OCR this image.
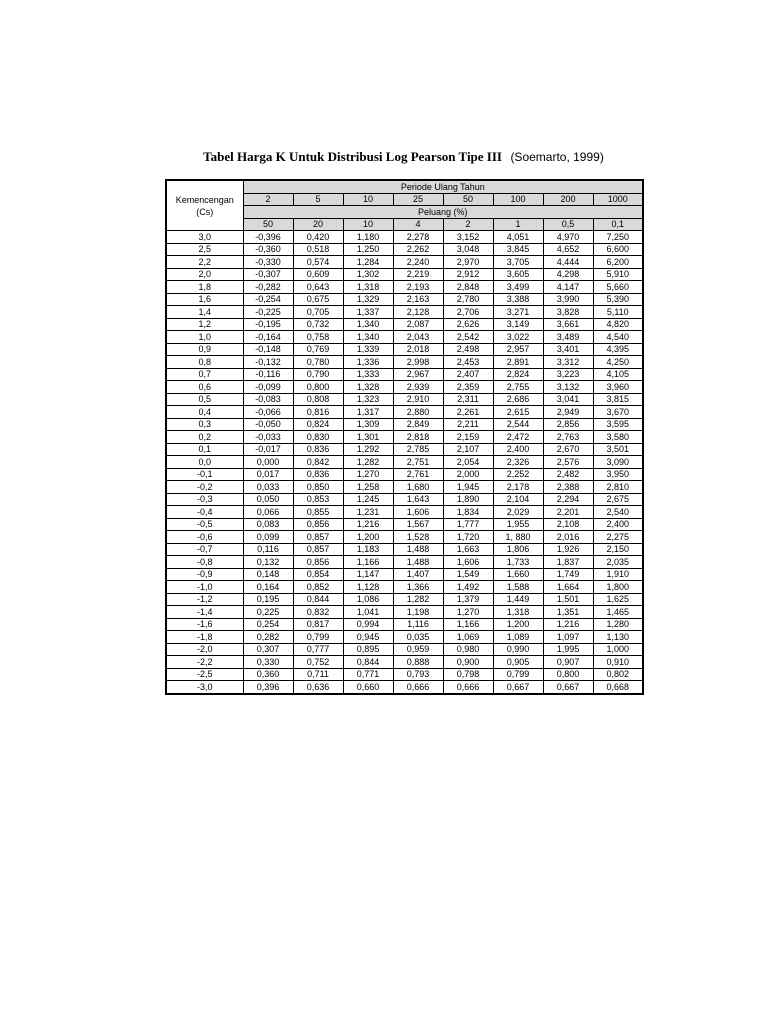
Tabel Harga K Untuk Distribusi Log Pearson Tipe III (Soemarto, 1999)
Kemencengan (Cs)	Periode Ulang Tahun							
	2	5	10	25	50	100	200	1000
	Peluang (%)							
	50	20	10	4	2	1	0,5	0,1
3,0	-0,396	0,420	1,180	2,278	3,152	4,051	4,970	7,250
2,5	-0,360	0,518	1,250	2,262	3,048	3,845	4,652	6,600
2,2	-0,330	0,574	1,284	2,240	2,970	3,705	4,444	6,200
2,0	-0,307	0,609	1,302	2,219	2,912	3,605	4,298	5,910
1,8	-0,282	0,643	1,318	2,193	2,848	3,499	4,147	5,660
1,6	-0,254	0,675	1,329	2,163	2,780	3,388	3,990	5,390
1,4	-0,225	0,705	1,337	2,128	2,706	3,271	3,828	5,110
1,2	-0,195	0,732	1,340	2,087	2,626	3,149	3,661	4,820
1,0	-0,164	0,758	1,340	2,043	2,542	3,022	3,489	4,540
0,9	-0,148	0,769	1,339	2,018	2,498	2,957	3,401	4,395
0,8	-0,132	0,780	1,336	2,998	2,453	2,891	3,312	4,250
0,7	-0,116	0,790	1,333	2,967	2,407	2,824	3,223	4,105
0,6	-0,099	0,800	1,328	2,939	2,359	2,755	3,132	3,960
0,5	-0,083	0,808	1,323	2,910	2,311	2,686	3,041	3,815
0,4	-0,066	0,816	1,317	2,880	2,261	2,615	2,949	3,670
0,3	-0,050	0,824	1,309	2,849	2,211	2,544	2,856	3,595
0,2	-0,033	0,830	1,301	2,818	2,159	2,472	2,763	3,580
0,1	-0,017	0,836	1,292	2,785	2,107	2,400	2,670	3,501
0,0	0,000	0,842	1,282	2,751	2,054	2,326	2,576	3,090
-0,1	0,017	0,836	1,270	2,761	2,000	2,252	2,482	3,950
-0,2	0,033	0,850	1,258	1,680	1,945	2,178	2,388	2,810
-0,3	0,050	0,853	1,245	1,643	1,890	2,104	2,294	2,675
-0,4	0,066	0,855	1,231	1,606	1,834	2,029	2,201	2,540
-0,5	0,083	0,856	1,216	1,567	1,777	1,955	2,108	2,400
-0,6	0,099	0,857	1,200	1,528	1,720	1, 880	2,016	2,275
-0,7	0,116	0,857	1,183	1,488	1,663	1,806	1,926	2,150
-0,8	0,132	0,856	1,166	1,488	1,606	1,733	1,837	2,035
-0,9	0,148	0,854	1,147	1,407	1,549	1,660	1,749	1,910
-1,0	0,164	0,852	1,128	1,366	1,492	1,588	1,664	1,800
-1,2	0,195	0,844	1,086	1,282	1,379	1,449	1,501	1,625
-1,4	0,225	0,832	1,041	1,198	1,270	1,318	1,351	1,465
-1,6	0,254	0,817	0,994	1,116	1,166	1,200	1,216	1,280
-1,8	0,282	0,799	0,945	0,035	1,069	1,089	1,097	1,130
-2,0	0,307	0,777	0,895	0,959	0,980	0,990	1,995	1,000
-2,2	0,330	0,752	0,844	0,888	0,900	0,905	0,907	0,910
-2,5	0,360	0,711	0,771	0,793	0,798	0,799	0,800	0,802
-3,0	0,396	0,636	0,660	0,666	0,666	0,667	0,667	0,668
